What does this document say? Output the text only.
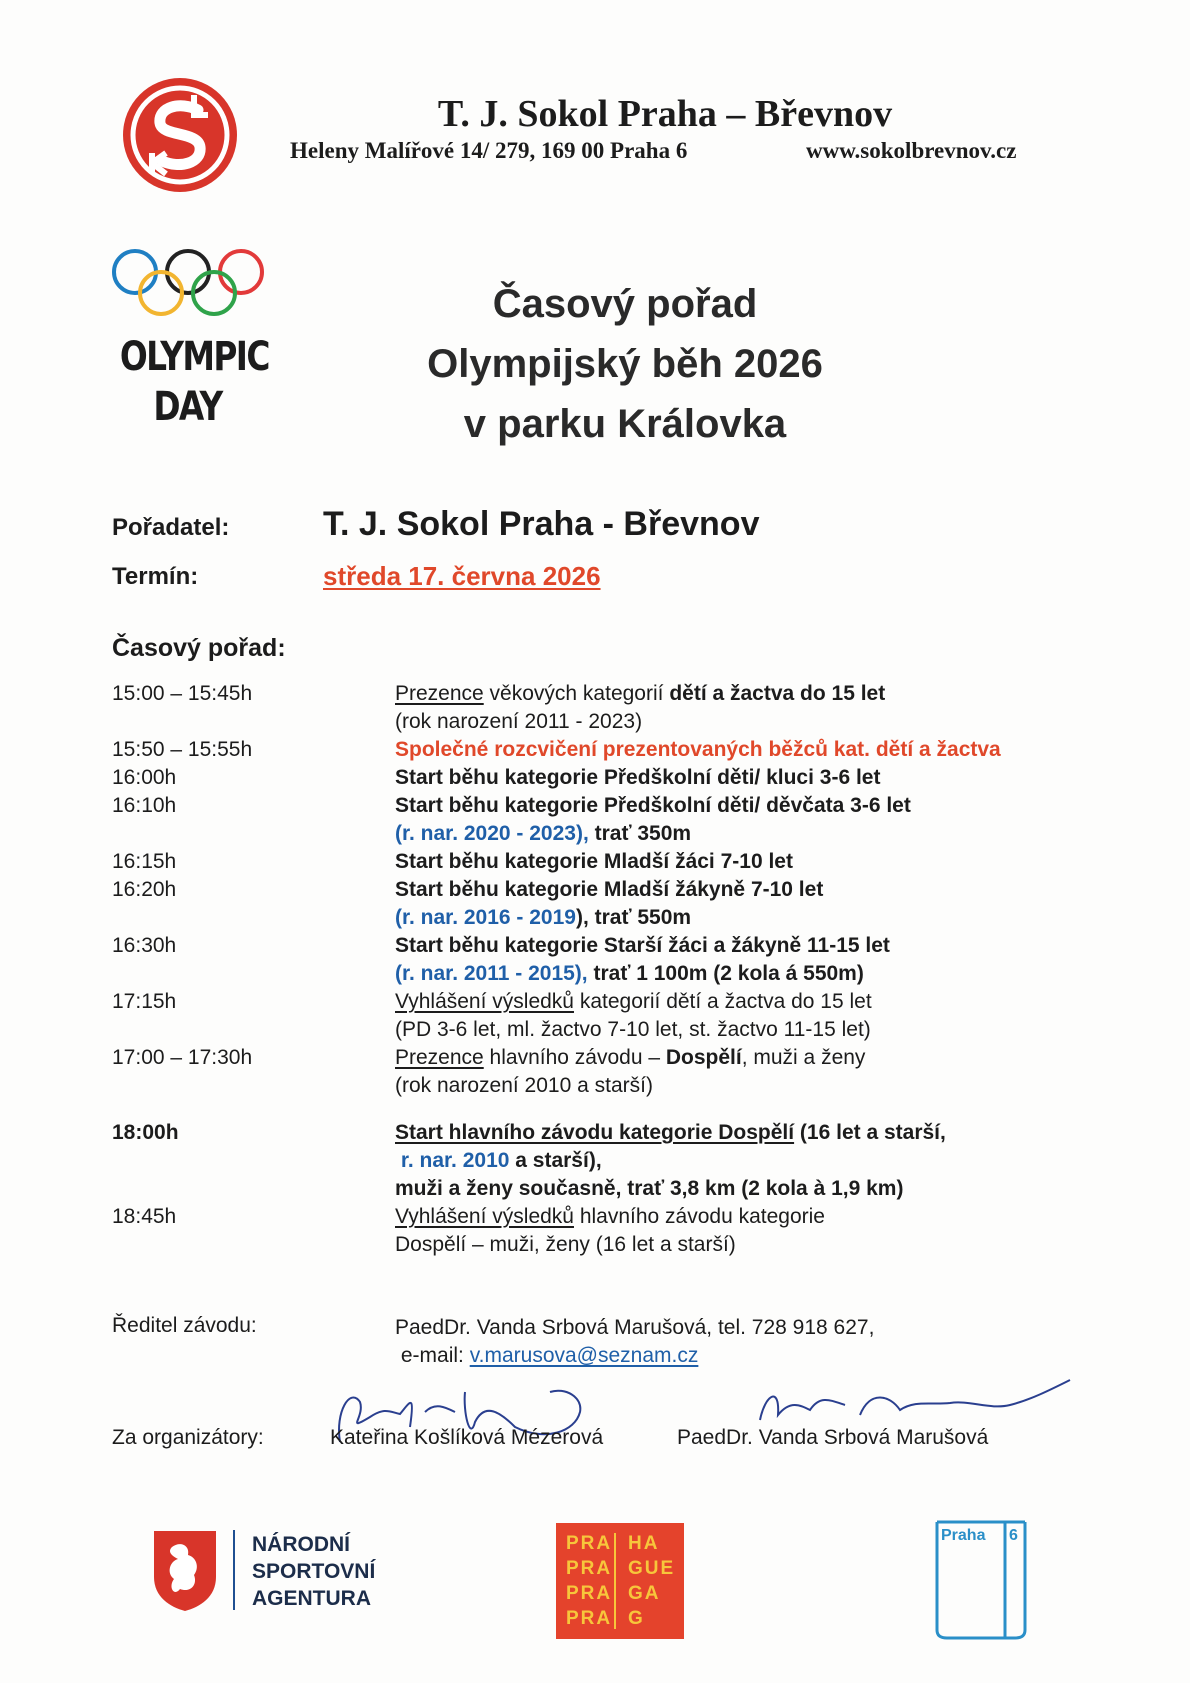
T. J. Sokol Praha – Břevnov
Heleny Malířové 14/ 279, 169 00 Praha 6	www.sokolbrevnov.cz
OLYMPIC
DAY
Časový pořad
Olympijský běh 2026
v parku Královka
Pořadatel:	T. J. Sokol Praha - Břevnov
Termín:	středa 17. června 2026
Časový pořad:
15:00 – 15:45h	Prezence věkových kategorií dětí a žactva do 15 let
(rok narození 2011 - 2023)
15:50 – 15:55h	Společné rozcvičení prezentovaných běžců kat. dětí a žactva
16:00h	Start běhu kategorie Předškolní děti/ kluci 3-6 let
16:10h	Start běhu kategorie Předškolní děti/ děvčata 3-6 let
(r. nar. 2020 - 2023), trať 350m
16:15h	Start běhu kategorie Mladší žáci 7-10 let
16:20h	Start běhu kategorie Mladší žákyně 7-10 let
(r. nar. 2016 - 2019), trať 550m
16:30h	Start běhu kategorie Starší žáci a žákyně 11-15 let
(r. nar. 2011 - 2015), trať 1 100m (2 kola á 550m)
17:15h	Vyhlášení výsledků kategorií dětí a žactva do 15 let
(PD 3-6 let, ml. žactvo 7-10 let, st. žactvo 11-15 let)
17:00 – 17:30h	Prezence hlavního závodu – Dospělí, muži a ženy
(rok narození 2010 a starší)
18:00h	Start hlavního závodu kategorie Dospělí (16 let a starší,
r. nar. 2010 a starší),
muži a ženy současně, trať 3,8 km (2 kola à 1,9 km)
18:45h	Vyhlášení výsledků hlavního závodu kategorie
Dospělí – muži, ženy (16 let a starší)
Ředitel závodu:	PaedDr. Vanda Srbová Marušová, tel. 728 918 627,
e-mail: v.marusova@seznam.cz
Za organizátory:	Kateřina Košlíková Mézerová	PaedDr. Vanda Srbová Marušová
NÁRODNÍ
SPORTOVNÍ
AGENTURA
PRA HA
PRA GUE
PRA GA
PRA G
Praha 6
